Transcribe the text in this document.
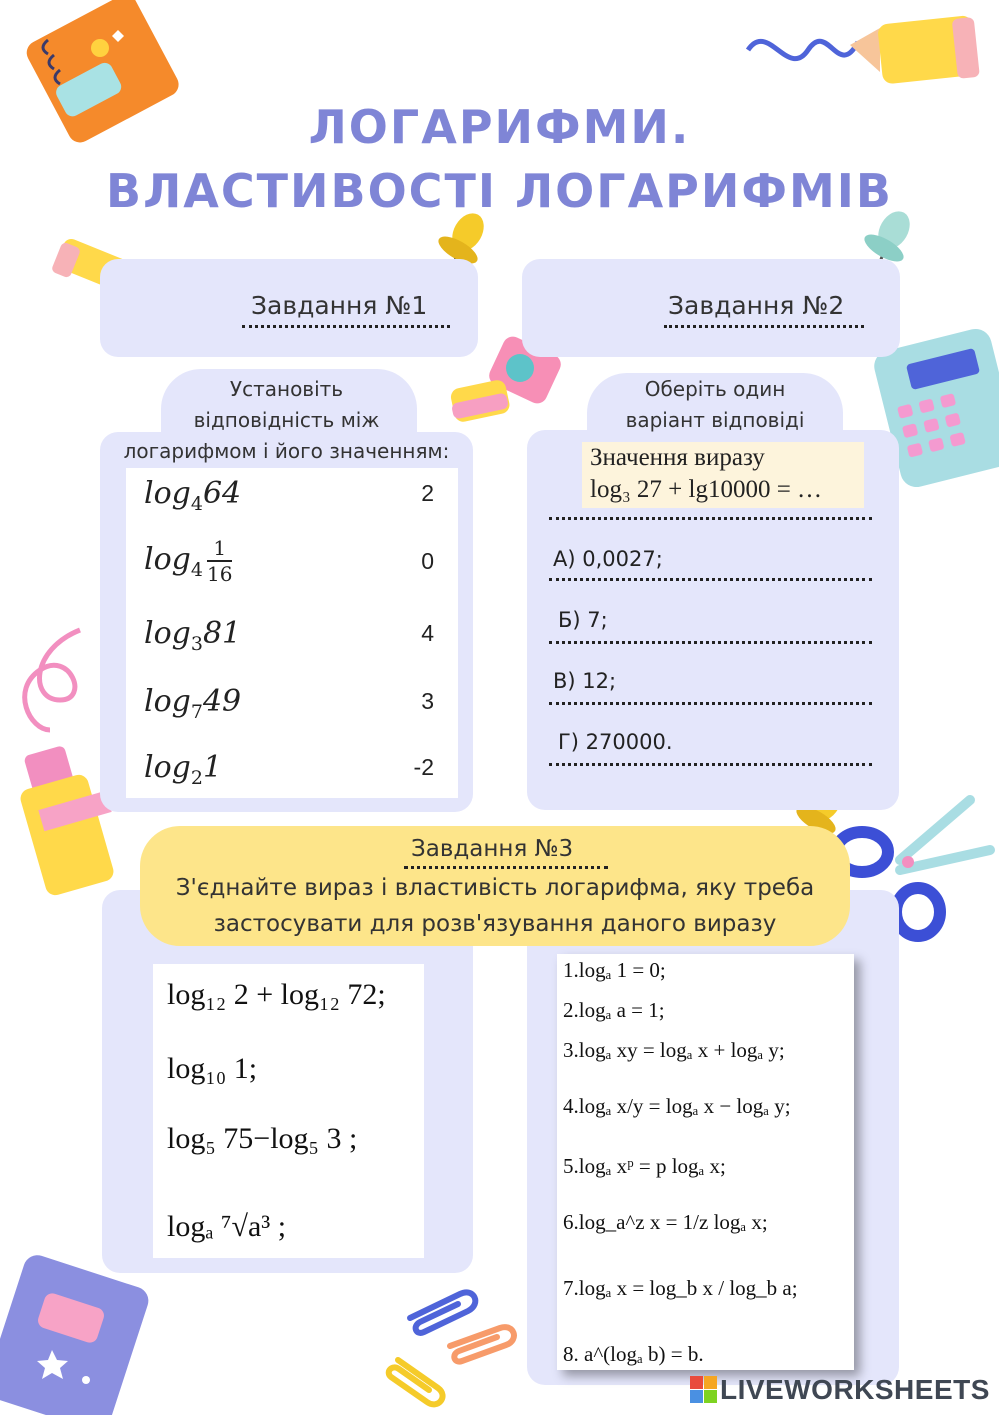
ЛОГАРИФМИ.
ВЛАСТИВОСТІ ЛОГАРИФМІВ
Завдання №1
Установіть
відповідність між
логарифмом і його значенням:
$\log_464$	2
$\log_4 \frac{1}{16}$	0
$\log_381$	4
$\log_749$	3
$\log_21$	-2
Завдання №2
Оберіть один
варіант відповіді
Значення виразу
log₃ 27 + lg10000 = …
А) 0,0027;
Б) 7;
В) 12;
Г) 270000.
Завдання №3
З'єднайте вираз і властивість логарифма, яку треба
застосувати для розв'язування даного виразу
log₁₂ 2 + log₁₂ 72;
log₁₀ 1;
log₅ 75−log₅ 3 ;
logₐ ⁷√a³ ;
1.logₐ 1 = 0;
2.logₐ a = 1;
3.logₐ xy = logₐ x + logₐ y;
4.logₐ x/y = logₐ x − logₐ y;
5.logₐ xᵖ = p logₐ x;
6.log_a^z x = 1/z logₐ x;
7.logₐ x = log_b x / log_b a;
8. a^(logₐ b) = b.
LIVEWORKSHEETS
